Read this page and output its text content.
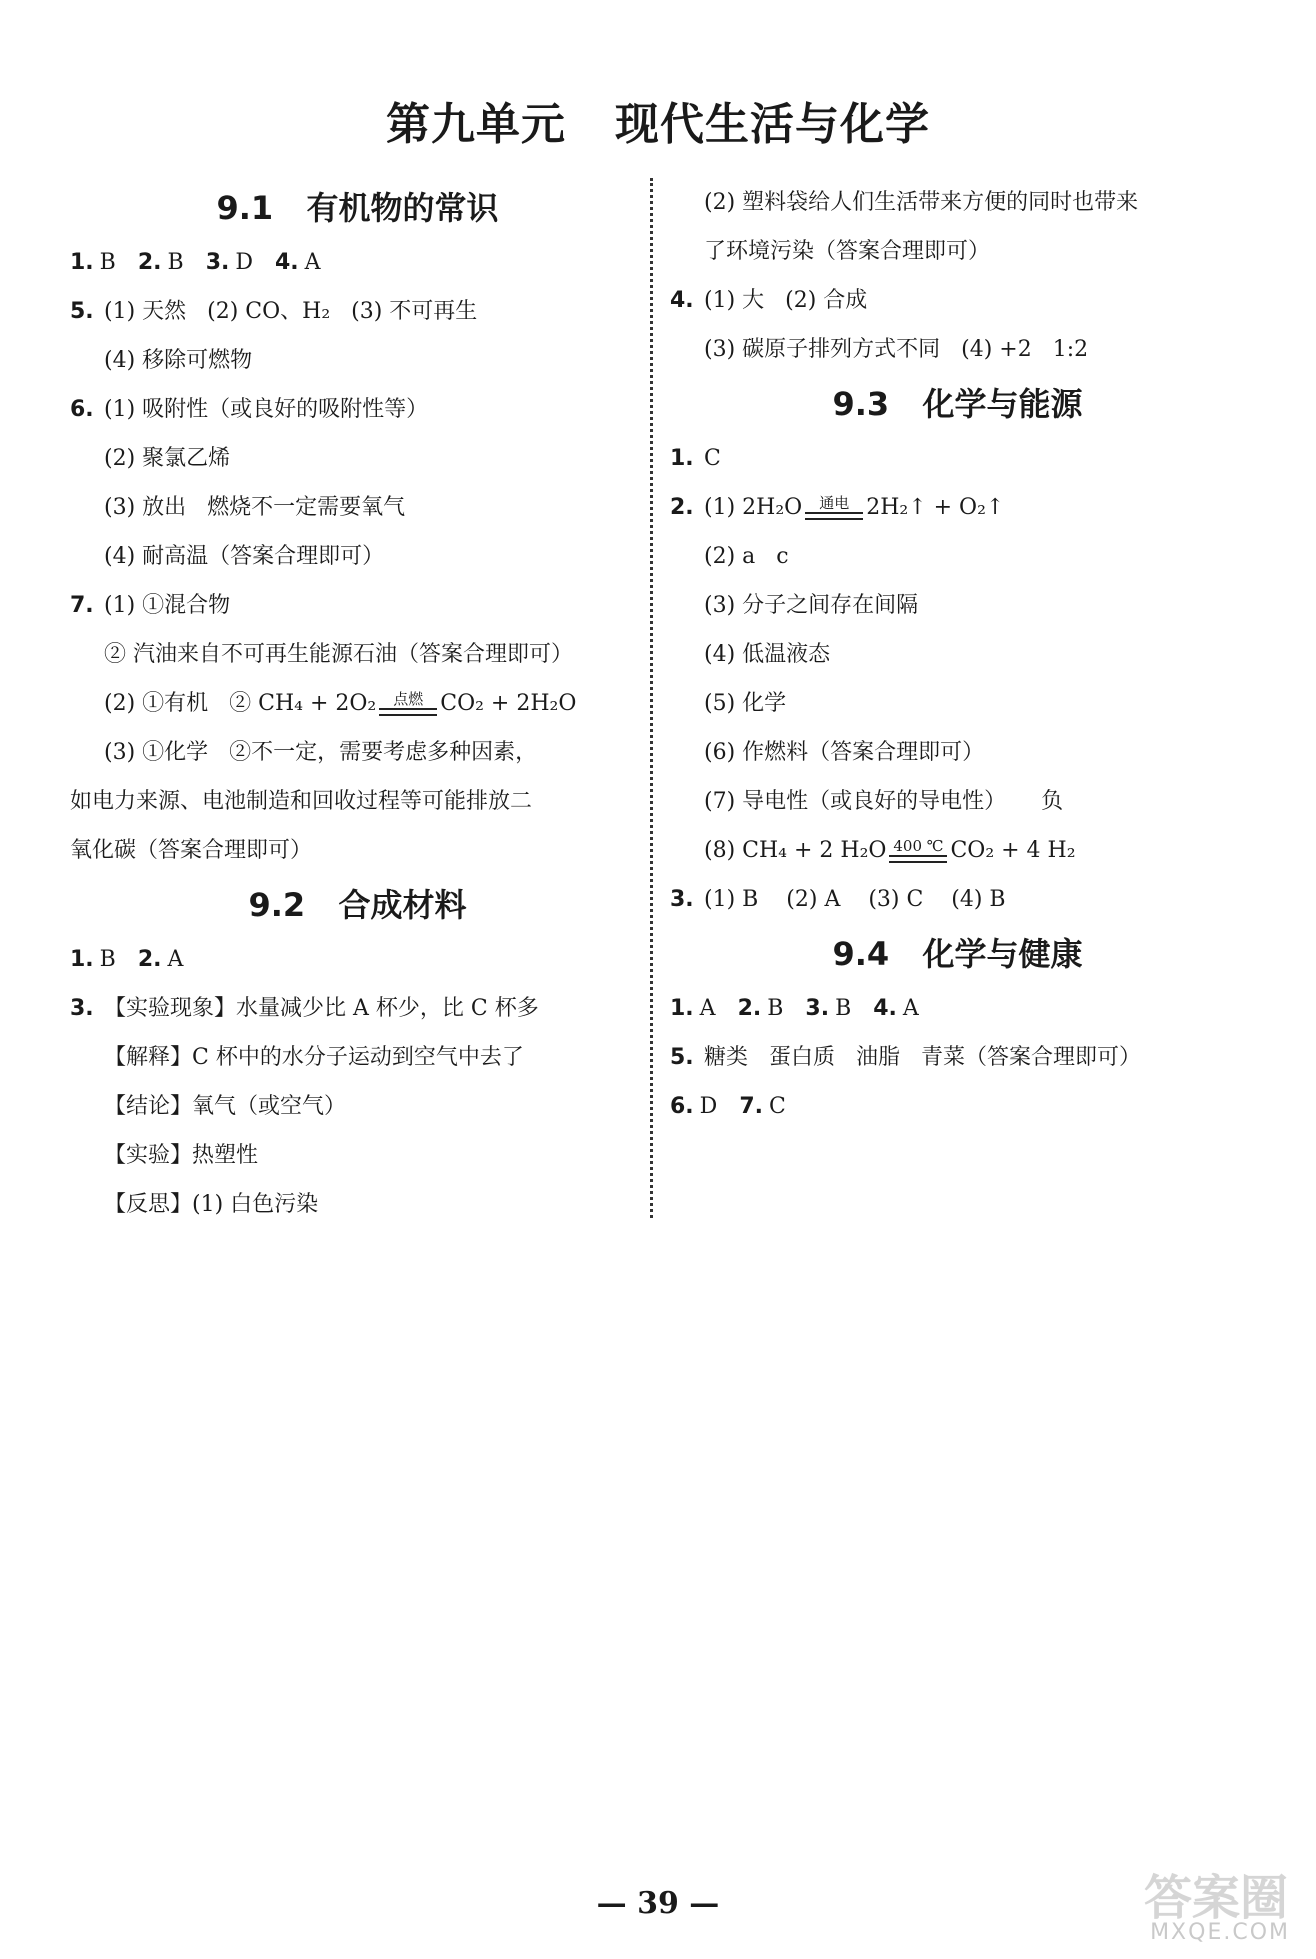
第九单元   现代生活与化学
9.1   有机物的常识
1. B 2. B 3. D 4. A
5. (1) 天然   (2) CO、H₂   (3) 不可再生
(4) 移除可燃物
6. (1) 吸附性（或良好的吸附性等）
(2) 聚氯乙烯
(3) 放出   燃烧不一定需要氧气
(4) 耐高温（答案合理即可）
7. (1) ①混合物
② 汽油来自不可再生能源石油（答案合理即可）
(2) ①有机   ② CH₄ + 2O₂ 点燃 CO₂ + 2H₂O
(3) ①化学   ②不一定，需要考虑多种因素，
如电力来源、电池制造和回收过程等可能排放二
氧化碳（答案合理即可）
9.2   合成材料
1. B 2. A
3. 【实验现象】水量减少比 A 杯少，比 C 杯多
【解释】C 杯中的水分子运动到空气中去了
【结论】氧气（或空气）
【实验】热塑性
【反思】(1) 白色污染
(2) 塑料袋给人们生活带来方便的同时也带来
了环境污染（答案合理即可）
4. (1) 大   (2) 合成
(3) 碳原子排列方式不同   (4) +2   1:2
9.3   化学与能源
1. C
2. (1) 2H₂O 通电 2H₂↑ + O₂↑
(2) a   c
(3) 分子之间存在间隔
(4) 低温液态
(5) 化学
(6) 作燃料（答案合理即可）
(7) 导电性（或良好的导电性）     负
(8) CH₄ + 2 H₂O 400 ℃ CO₂ + 4 H₂
3. (1) B    (2) A    (3) C    (4) B
9.4   化学与健康
1. A 2. B 3. B 4. A
5. 糖类   蛋白质   油脂   青菜（答案合理即可）
6. D 7. C
— 39 —	答案圈
MXQE.COM
